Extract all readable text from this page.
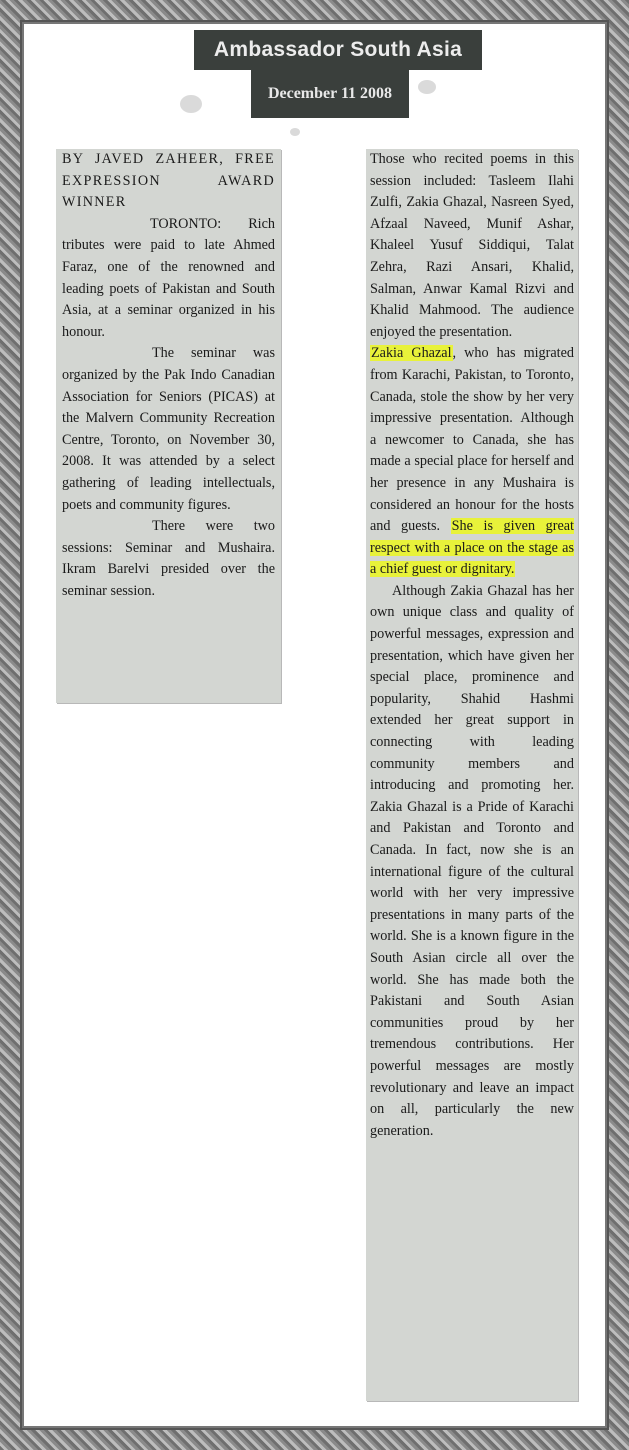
Ambassador South Asia
December 11 2008

BY JAVED ZAHEER, FREE EXPRESSION AWARD WINNER

TORONTO: Rich tributes were paid to late Ahmed Faraz, one of the renowned and leading poets of Pakistan and South Asia, at a seminar organized in his honour.

The seminar was organized by the Pak Indo Canadian Association for Seniors (PICAS) at the Malvern Community Recreation Centre, Toronto, on November 30, 2008. It was attended by a select gathering of leading intellectuals, poets and community figures.

There were two sessions: Seminar and Mushaira. Ikram Barelvi presided over the seminar session.

Those who recited poems in this session included: Tasleem Ilahi Zulfi, Zakia Ghazal, Nasreen Syed, Afzaal Naveed, Munif Ashar, Khaleel Yusuf Siddiqui, Talat Zehra, Razi Ansari, Khalid, Salman, Anwar Kamal Rizvi and Khalid Mahmood. The audience enjoyed the presentation.

Zakia Ghazal, who has migrated from Karachi, Pakistan, to Toronto, Canada, stole the show by her very impressive presentation. Although a newcomer to Canada, she has made a special place for herself and her presence in any Mushaira is considered an honour for the hosts and guests. She is given great respect with a place on the stage as a chief guest or dignitary.

Although Zakia Ghazal has her own unique class and quality of powerful messages, expression and presentation, which have given her special place, prominence and popularity, Shahid Hashmi extended her great support in connecting with leading community members and introducing and promoting her. Zakia Ghazal is a Pride of Karachi and Pakistan and Toronto and Canada. In fact, now she is an international figure of the cultural world with her very impressive presentations in many parts of the world. She is a known figure in the South Asian circle all over the world. She has made both the Pakistani and South Asian communities proud by her tremendous contributions. Her powerful messages are mostly revolutionary and leave an impact on all, particularly the new generation.
